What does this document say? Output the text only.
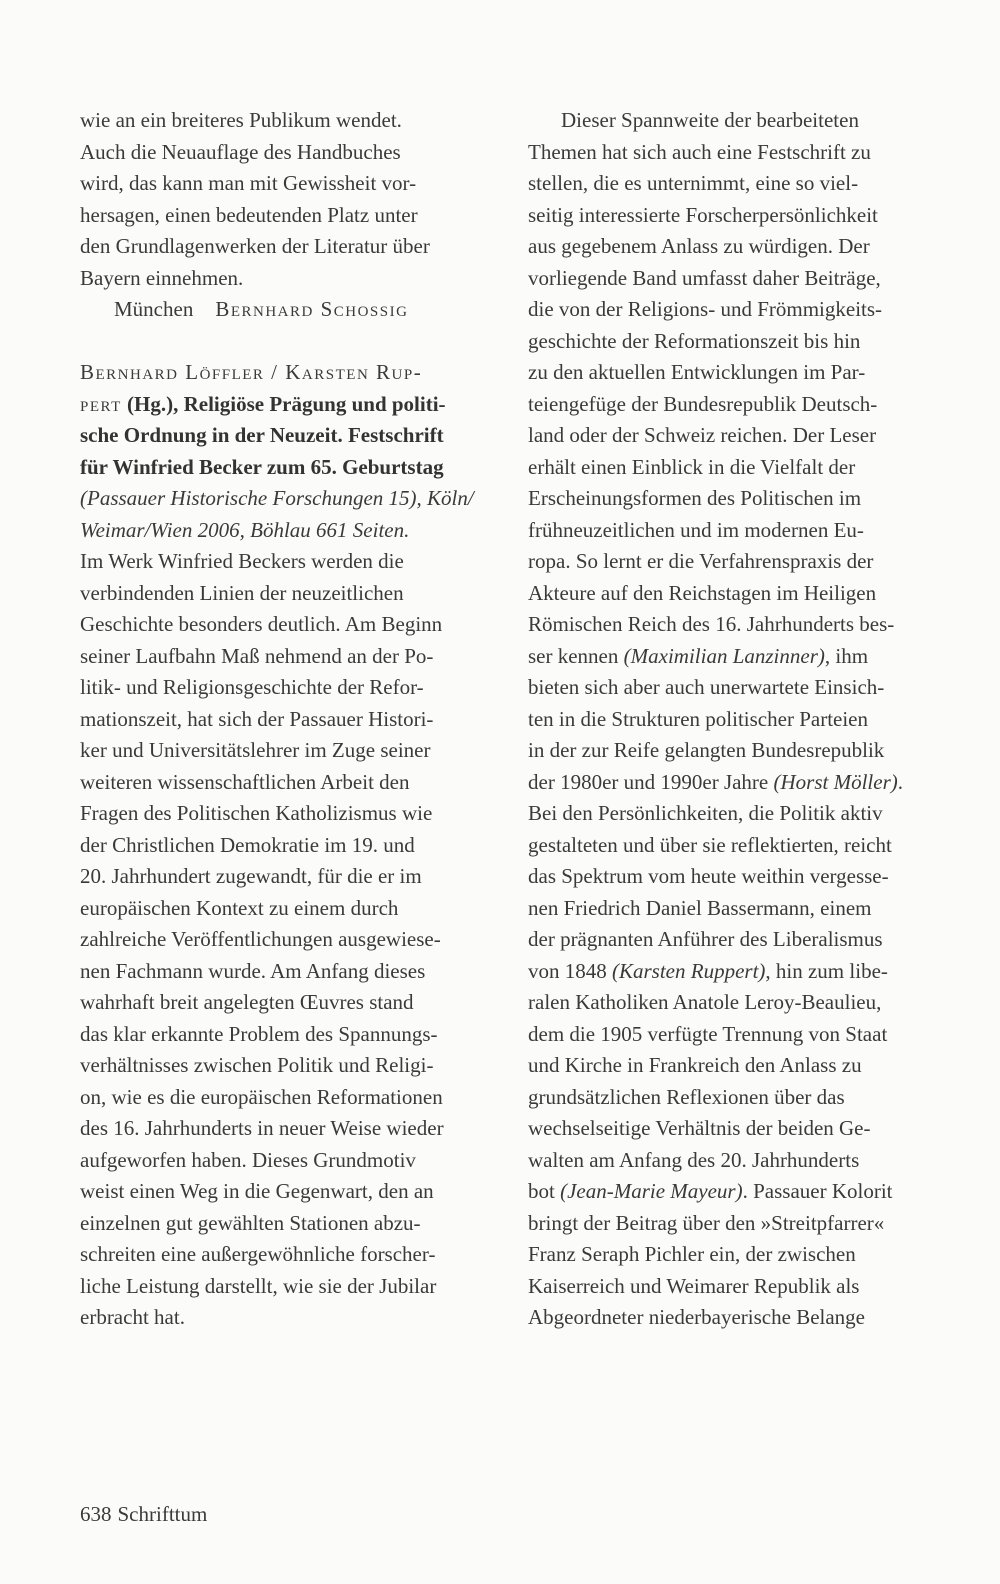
wie an ein breiteres Publikum wendet.
Auch die Neuauflage des Handbuches
wird, das kann man mit Gewissheit vor-
hersagen, einen bedeutenden Platz unter
den Grundlagenwerken der Literatur über
Bayern einnehmen.
München Bernhard Schossig
Bernhard Löffler / Karsten Rup-
pert (Hg.), Religiöse Prägung und politi-
sche Ordnung in der Neuzeit. Festschrift
für Winfried Becker zum 65. Geburtstag
(Passauer Historische Forschungen 15), Köln/
Weimar/Wien 2006, Böhlau 661 Seiten.
Im Werk Winfried Beckers werden die
verbindenden Linien der neuzeitlichen
Geschichte besonders deutlich. Am Beginn
seiner Laufbahn Maß nehmend an der Po-
litik- und Religionsgeschichte der Refor-
mationszeit, hat sich der Passauer Histori-
ker und Universitätslehrer im Zuge seiner
weiteren wissenschaftlichen Arbeit den
Fragen des Politischen Katholizismus wie
der Christlichen Demokratie im 19. und
20. Jahrhundert zugewandt, für die er im
europäischen Kontext zu einem durch
zahlreiche Veröffentlichungen ausgewiese-
nen Fachmann wurde. Am Anfang dieses
wahrhaft breit angelegten Œuvres stand
das klar erkannte Problem des Spannungs-
verhältnisses zwischen Politik und Religi-
on, wie es die europäischen Reformationen
des 16. Jahrhunderts in neuer Weise wieder
aufgeworfen haben. Dieses Grundmotiv
weist einen Weg in die Gegenwart, den an
einzelnen gut gewählten Stationen abzu-
schreiten eine außergewöhnliche forscher-
liche Leistung darstellt, wie sie der Jubilar
erbracht hat.
Dieser Spannweite der bearbeiteten
Themen hat sich auch eine Festschrift zu
stellen, die es unternimmt, eine so viel-
seitig interessierte Forscherpersönlichkeit
aus gegebenem Anlass zu würdigen. Der
vorliegende Band umfasst daher Beiträge,
die von der Religions- und Frömmigkeits-
geschichte der Reformationszeit bis hin
zu den aktuellen Entwicklungen im Par-
teiengefüge der Bundesrepublik Deutsch-
land oder der Schweiz reichen. Der Leser
erhält einen Einblick in die Vielfalt der
Erscheinungsformen des Politischen im
frühneuzeitlichen und im modernen Eu-
ropa. So lernt er die Verfahrenspraxis der
Akteure auf den Reichstagen im Heiligen
Römischen Reich des 16. Jahrhunderts bes-
ser kennen (Maximilian Lanzinner), ihm
bieten sich aber auch unerwartete Einsich-
ten in die Strukturen politischer Parteien
in der zur Reife gelangten Bundesrepublik
der 1980er und 1990er Jahre (Horst Möller).
Bei den Persönlichkeiten, die Politik aktiv
gestalteten und über sie reflektierten, reicht
das Spektrum vom heute weithin vergesse-
nen Friedrich Daniel Bassermann, einem
der prägnanten Anführer des Liberalismus
von 1848 (Karsten Ruppert), hin zum libe-
ralen Katholiken Anatole Leroy-Beaulieu,
dem die 1905 verfügte Trennung von Staat
und Kirche in Frankreich den Anlass zu
grundsätzlichen Reflexionen über das
wechselseitige Verhältnis der beiden Ge-
walten am Anfang des 20. Jahrhunderts
bot (Jean-Marie Mayeur). Passauer Kolorit
bringt der Beitrag über den »Streitpfarrer«
Franz Seraph Pichler ein, der zwischen
Kaiserreich und Weimarer Republik als
Abgeordneter niederbayerische Belange
638 Schrifttum
